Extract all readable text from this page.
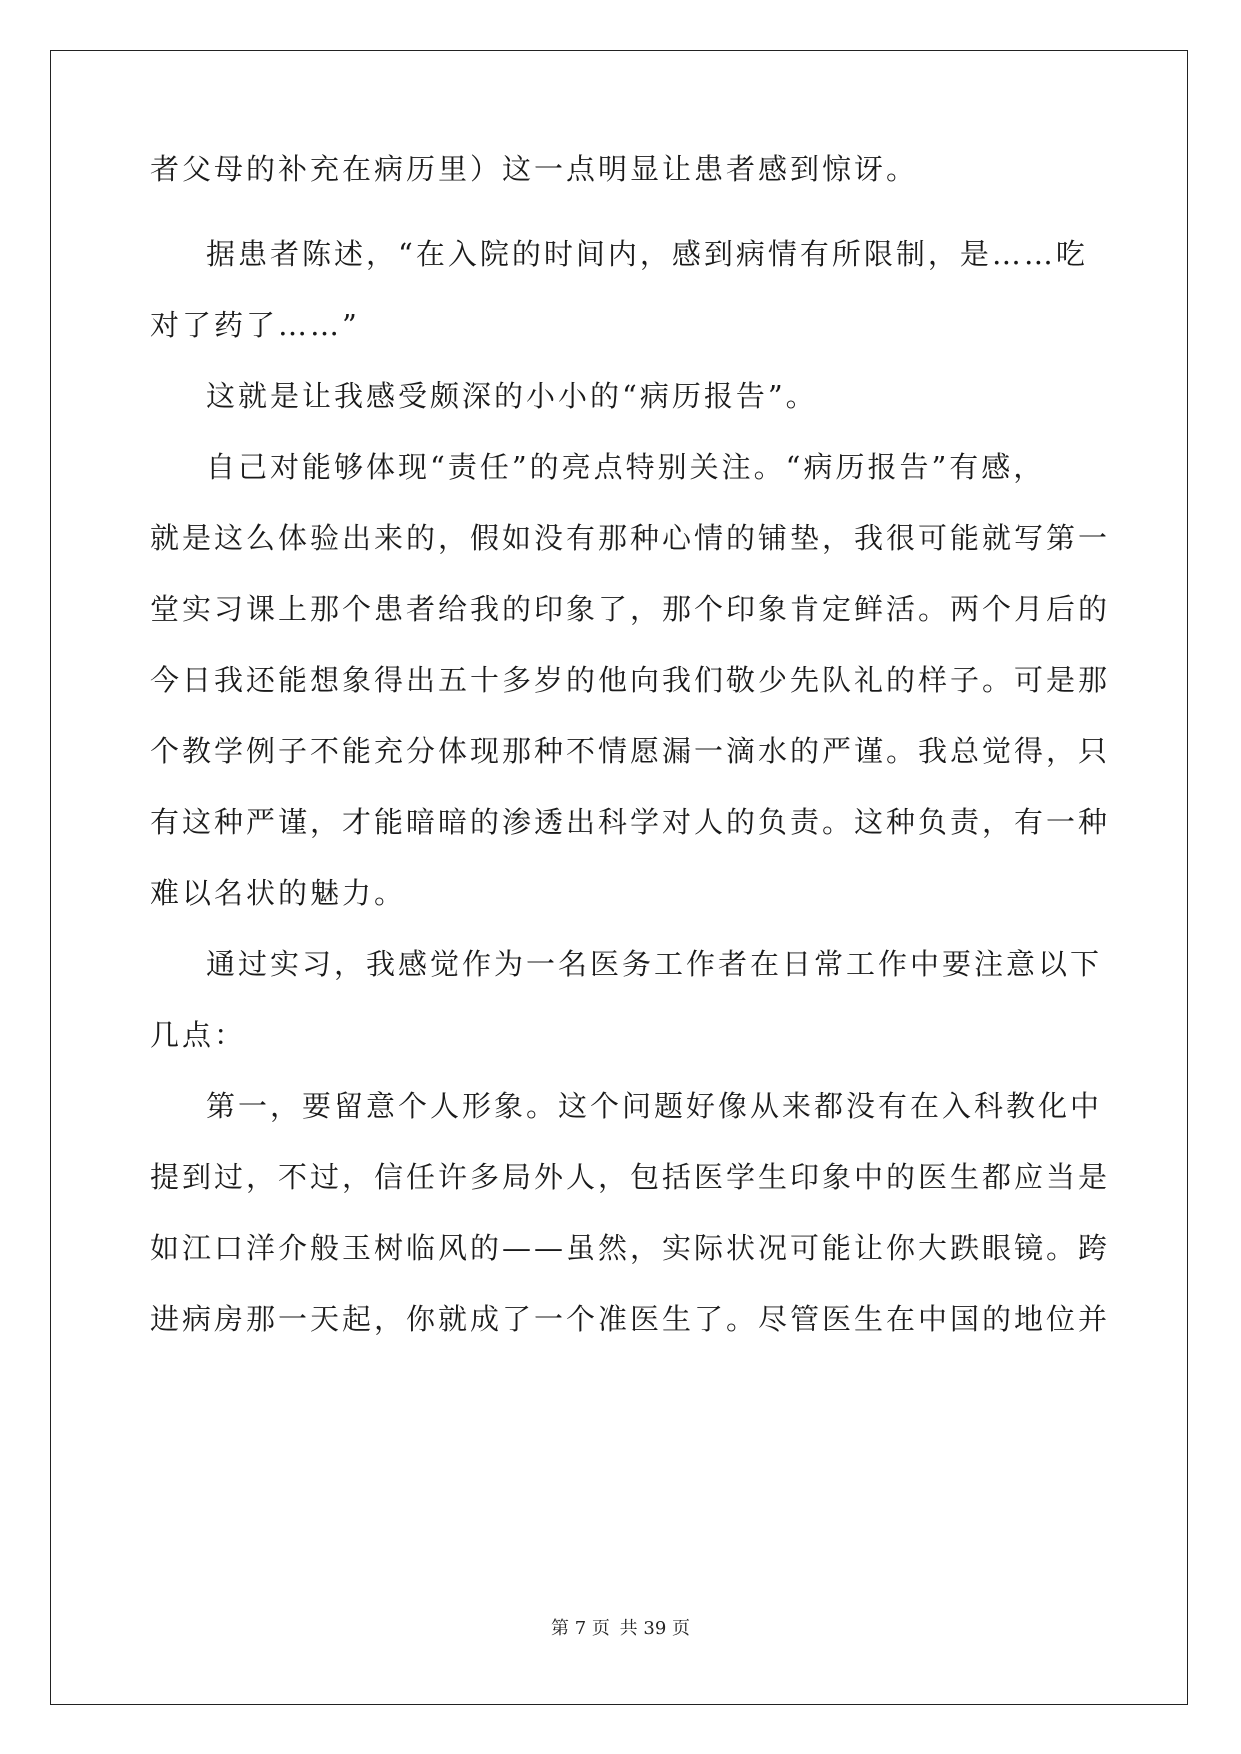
者父母的补充在病历里）这一点明显让患者感到惊讶。
据患者陈述，“在入院的时间内，感到病情有所限制，是……吃
对了药了……”
这就是让我感受颇深的小小的“病历报告”。
自己对能够体现“责任”的亮点特别关注。“病历报告”有感，
就是这么体验出来的，假如没有那种心情的铺垫，我很可能就写第一
堂实习课上那个患者给我的印象了，那个印象肯定鲜活。两个月后的
今日我还能想象得出五十多岁的他向我们敬少先队礼的样子。可是那
个教学例子不能充分体现那种不情愿漏一滴水的严谨。我总觉得，只
有这种严谨，才能暗暗的渗透出科学对人的负责。这种负责，有一种
难以名状的魅力。
通过实习，我感觉作为一名医务工作者在日常工作中要注意以下
几点：
第一，要留意个人形象。这个问题好像从来都没有在入科教化中
提到过，不过，信任许多局外人，包括医学生印象中的医生都应当是
如江口洋介般玉树临风的——虽然，实际状况可能让你大跌眼镜。跨
进病房那一天起，你就成了一个准医生了。尽管医生在中国的地位并
第 7 页 共 39 页
